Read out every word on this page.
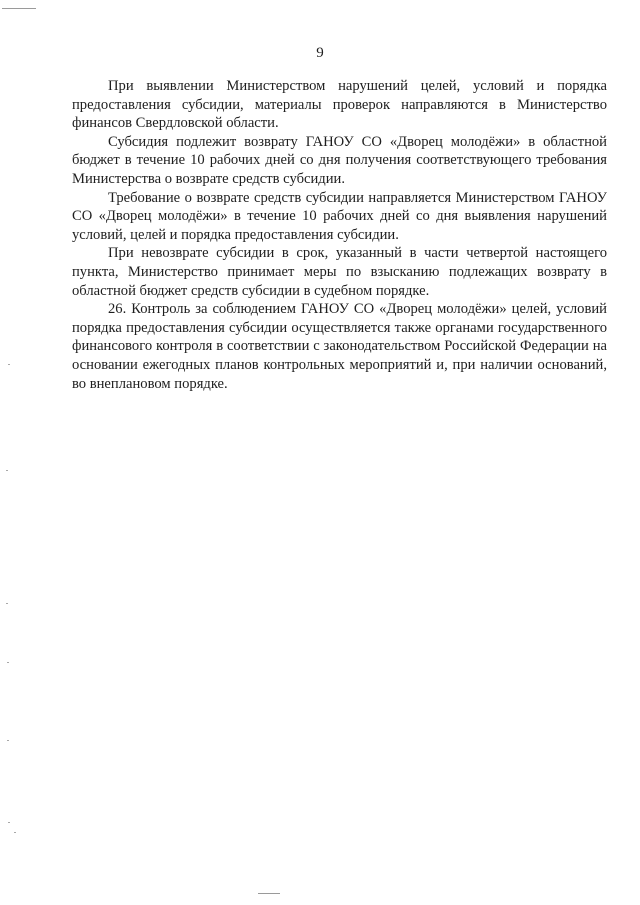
9

При выявлении Министерством нарушений целей, условий и порядка предоставления субсидии, материалы проверок направляются в Министерство финансов Свердловской области.

Субсидия подлежит возврату ГАНОУ СО «Дворец молодёжи» в областной бюджет в течение 10 рабочих дней со дня получения соответствующего требования Министерства о возврате средств субсидии.

Требование о возврате средств субсидии направляется Министерством ГАНОУ СО «Дворец молодёжи» в течение 10 рабочих дней со дня выявления нарушений условий, целей и порядка предоставления субсидии.

При невозврате субсидии в срок, указанный в части четвертой настоящего пункта, Министерство принимает меры по взысканию подлежащих возврату в областной бюджет средств субсидии в судебном порядке.

26. Контроль за соблюдением ГАНОУ СО «Дворец молодёжи» целей, условий порядка предоставления субсидии осуществляется также органами государственного финансового контроля в соответствии с законодательством Российской Федерации на основании ежегодных планов контрольных мероприятий и, при наличии оснований, во внеплановом порядке.
